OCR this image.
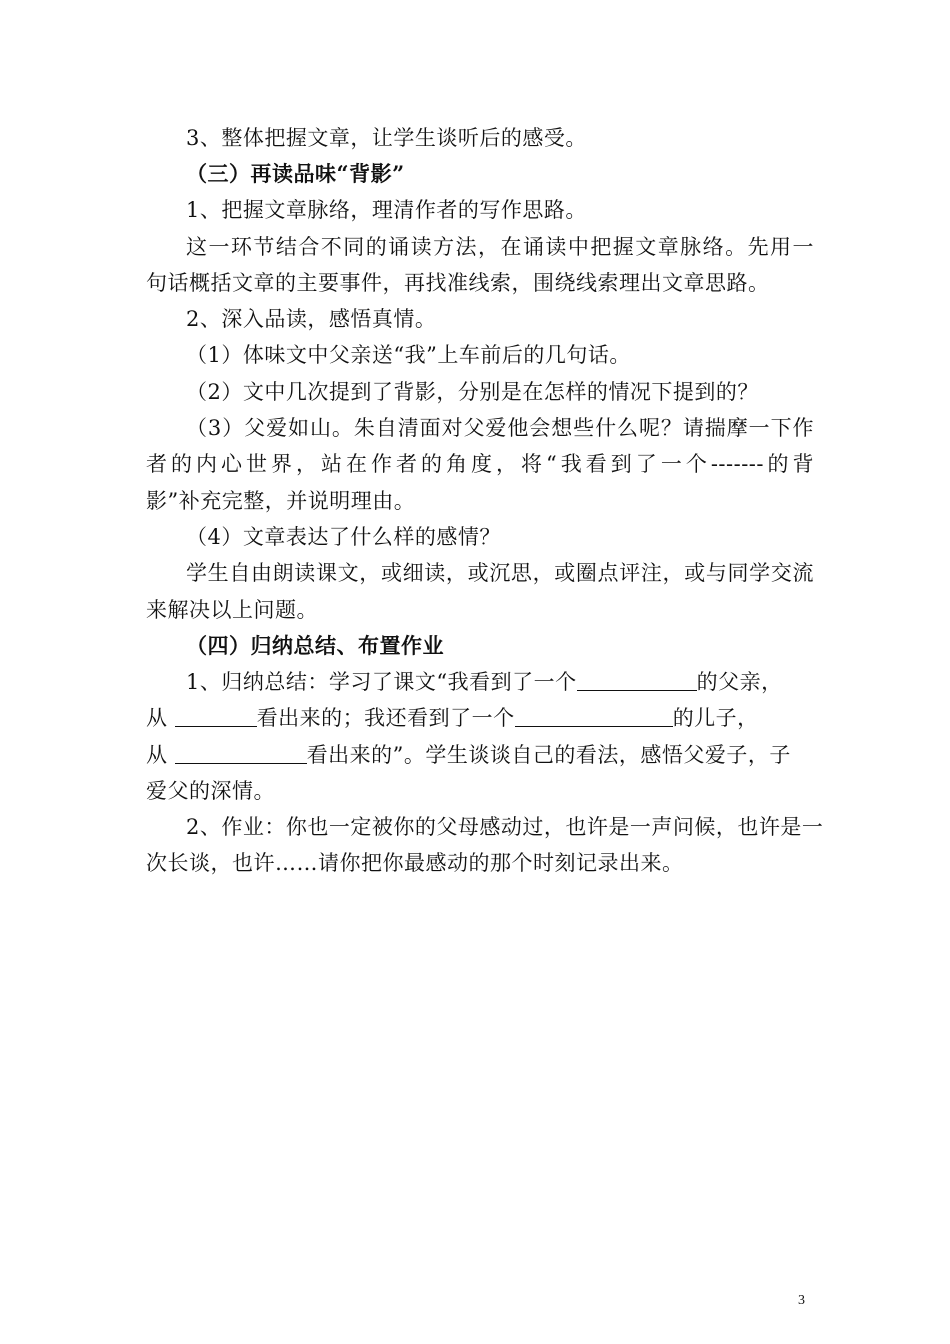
3、整体把握文章，让学生谈听后的感受。
（三）再读品味“背影”
1、把握文章脉络，理清作者的写作思路。
这一环节结合不同的诵读方法，在诵读中把握文章脉络。先用一
句话概括文章的主要事件，再找准线索，围绕线索理出文章思路。
2、深入品读，感悟真情。
（1）体味文中父亲送“我”上车前后的几句话。
（2）文中几次提到了背影，分别是在怎样的情况下提到的？
（3）父爱如山。朱自清面对父爱他会想些什么呢？请揣摩一下作
者的内心世界，站在作者的角度，将“我看到了一个-------的背
影”补充完整，并说明理由。
（4）文章表达了什么样的感情？
学生自由朗读课文，或细读，或沉思，或圈点评注，或与同学交流
来解决以上问题。
（四）归纳总结、布置作业
1、归纳总结：学习了课文“我看到了一个	的父亲，
从	看出来的；我还看到了一个	的儿子，
从	看出来的”。学生谈谈自己的看法，感悟父爱子，子
爱父的深情。
2、作业：你也一定被你的父母感动过，也许是一声问候，也许是一
次长谈，也许……请你把你最感动的那个时刻记录出来。
3
